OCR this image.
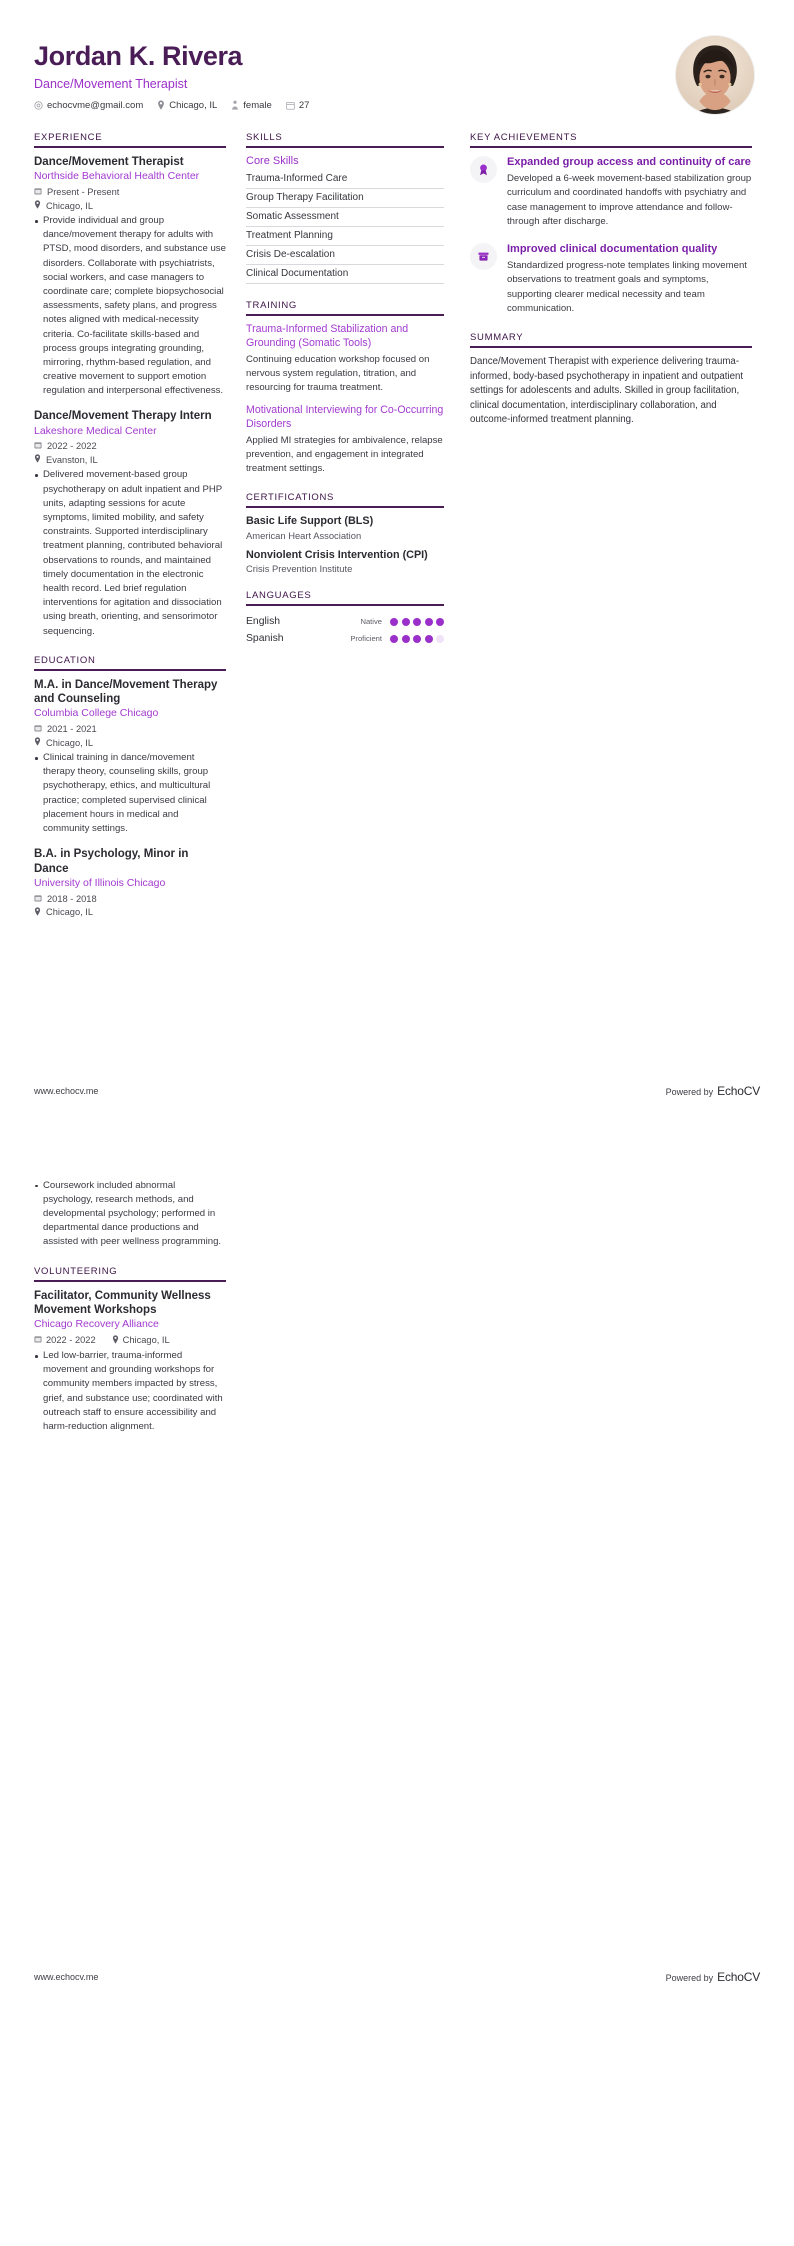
Jordan K. Rivera
Dance/Movement Therapist
echocvme@gmail.com	Chicago, IL	female	27
EXPERIENCE
Dance/Movement Therapist
Northside Behavioral Health Center
Present - Present
Chicago, IL
Provide individual and group dance/movement therapy for adults with PTSD, mood disorders, and substance use disorders. Collaborate with psychiatrists, social workers, and case managers to coordinate care; complete biopsychosocial assessments, safety plans, and progress notes aligned with medical-necessity criteria. Co-facilitate skills-based and process groups integrating grounding, mirroring, rhythm-based regulation, and creative movement to support emotion regulation and interpersonal effectiveness.
Dance/Movement Therapy Intern
Lakeshore Medical Center
2022 - 2022
Evanston, IL
Delivered movement-based group psychotherapy on adult inpatient and PHP units, adapting sessions for acute symptoms, limited mobility, and safety constraints. Supported interdisciplinary treatment planning, contributed behavioral observations to rounds, and maintained timely documentation in the electronic health record. Led brief regulation interventions for agitation and dissociation using breath, orienting, and sensorimotor sequencing.
EDUCATION
M.A. in Dance/Movement Therapy and Counseling
Columbia College Chicago
2021 - 2021
Chicago, IL
Clinical training in dance/movement therapy theory, counseling skills, group psychotherapy, ethics, and multicultural practice; completed supervised clinical placement hours in medical and community settings.
B.A. in Psychology, Minor in Dance
University of Illinois Chicago
2018 - 2018
Chicago, IL
SKILLS
Core Skills
Trauma-Informed Care
Group Therapy Facilitation
Somatic Assessment
Treatment Planning
Crisis De-escalation
Clinical Documentation
TRAINING
Trauma-Informed Stabilization and Grounding (Somatic Tools)
Continuing education workshop focused on nervous system regulation, titration, and resourcing for trauma treatment.
Motivational Interviewing for Co-Occurring Disorders
Applied MI strategies for ambivalence, relapse prevention, and engagement in integrated treatment settings.
CERTIFICATIONS
Basic Life Support (BLS)
American Heart Association
Nonviolent Crisis Intervention (CPI)
Crisis Prevention Institute
LANGUAGES
English	Native
Spanish	Proficient
KEY ACHIEVEMENTS
Expanded group access and continuity of care
Developed a 6-week movement-based stabilization group curriculum and coordinated handoffs with psychiatry and case management to improve attendance and follow-through after discharge.
Improved clinical documentation quality
Standardized progress-note templates linking movement observations to treatment goals and symptoms, supporting clearer medical necessity and team communication.
SUMMARY
Dance/Movement Therapist with experience delivering trauma-informed, body-based psychotherapy in inpatient and outpatient settings for adolescents and adults. Skilled in group facilitation, clinical documentation, interdisciplinary collaboration, and outcome-informed treatment planning.
www.echocv.me	Powered by EchoCV
Coursework included abnormal psychology, research methods, and developmental psychology; performed in departmental dance productions and assisted with peer wellness programming.
VOLUNTEERING
Facilitator, Community Wellness Movement Workshops
Chicago Recovery Alliance
2022 - 2022	Chicago, IL
Led low-barrier, trauma-informed movement and grounding workshops for community members impacted by stress, grief, and substance use; coordinated with outreach staff to ensure accessibility and harm-reduction alignment.
www.echocv.me	Powered by EchoCV
